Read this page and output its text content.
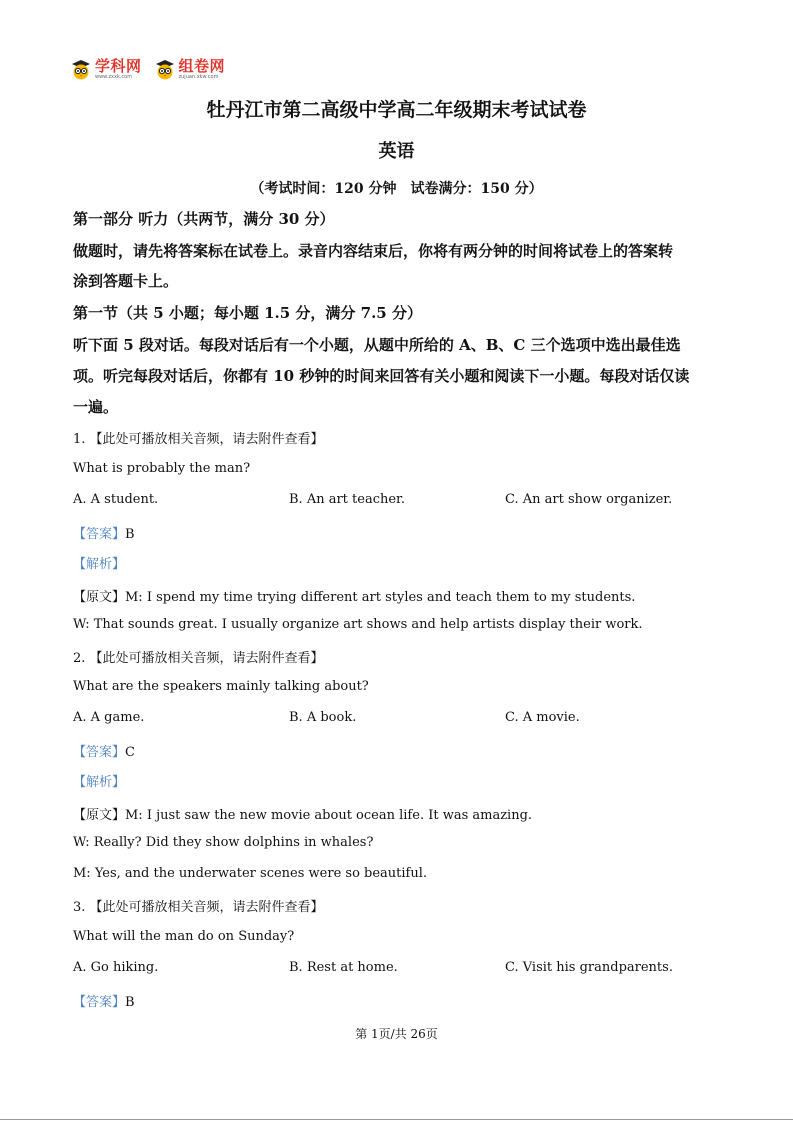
学科网
www.zxxk.com
组卷网
zujuan.xkw.com
牡丹江市第二高级中学高二年级期末考试试卷
英语
（考试时间：120 分钟　试卷满分：150 分）
第一部分 听力（共两节，满分 30 分）
做题时，请先将答案标在试卷上。录音内容结束后，你将有两分钟的时间将试卷上的答案转
涂到答题卡上。
第一节（共 5 小题；每小题 1.5 分，满分 7.5 分）
听下面 5 段对话。每段对话后有一个小题，从题中所给的 A、B、C 三个选项中选出最佳选
项。听完每段对话后，你都有 10 秒钟的时间来回答有关小题和阅读下一小题。每段对话仅读
一遍。
1. 【此处可播放相关音频，请去附件查看】
What is probably the man?
A. A student.	B. An art teacher.	C. An art show organizer.
【答案】B
【解析】
【原文】M: I spend my time trying different art styles and teach them to my students.
W: That sounds great. I usually organize art shows and help artists display their work.
2. 【此处可播放相关音频，请去附件查看】
What are the speakers mainly talking about?
A. A game.	B. A book.	C. A movie.
【答案】C
【解析】
【原文】M: I just saw the new movie about ocean life. It was amazing.
W: Really? Did they show dolphins in whales?
M: Yes, and the underwater scenes were so beautiful.
3. 【此处可播放相关音频，请去附件查看】
What will the man do on Sunday?
A. Go hiking.	B. Rest at home.	C. Visit his grandparents.
【答案】B
第 1页/共 26页
